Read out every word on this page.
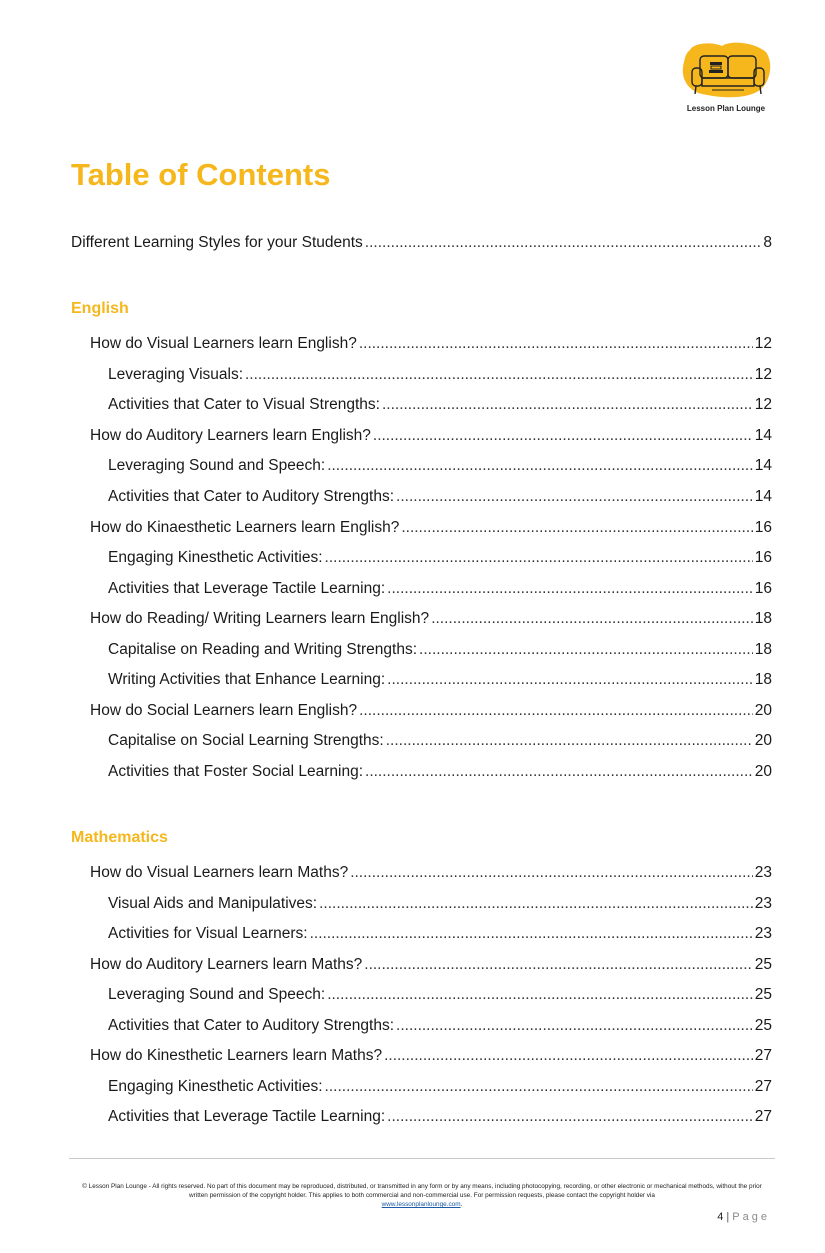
Lesson Plan Lounge
Table of Contents
Different Learning Styles for your Students .....	8
English
How do Visual Learners learn English? .....	12
Leveraging Visuals: .....	12
Activities that Cater to Visual Strengths: .....	12
How do Auditory Learners learn English? .....	14
Leveraging Sound and Speech: .....	14
Activities that Cater to Auditory Strengths: .....	14
How do Kinaesthetic Learners learn English? .....	16
Engaging Kinesthetic Activities: .....	16
Activities that Leverage Tactile Learning: .....	16
How do Reading/ Writing Learners learn English? .....	18
Capitalise on Reading and Writing Strengths: .....	18
Writing Activities that Enhance Learning: .....	18
How do Social Learners learn English? .....	20
Capitalise on Social Learning Strengths: .....	20
Activities that Foster Social Learning: .....	20
Mathematics
How do Visual Learners learn Maths? .....	23
Visual Aids and Manipulatives: .....	23
Activities for Visual Learners: .....	23
How do Auditory Learners learn Maths? .....	25
Leveraging Sound and Speech: .....	25
Activities that Cater to Auditory Strengths: .....	25
How do Kinesthetic Learners learn Maths? .....	27
Engaging Kinesthetic Activities: .....	27
Activities that Leverage Tactile Learning: .....	27
© Lesson Plan Lounge - All rights reserved. No part of this document may be reproduced, distributed, or transmitted in any form or by any means, including photocopying, recording, or other electronic or mechanical methods, without the prior written permission of the copyright holder. This applies to both commercial and non-commercial use. For permission requests, please contact the copyright holder via
www.lessonplanlounge.com.
4 | Page
